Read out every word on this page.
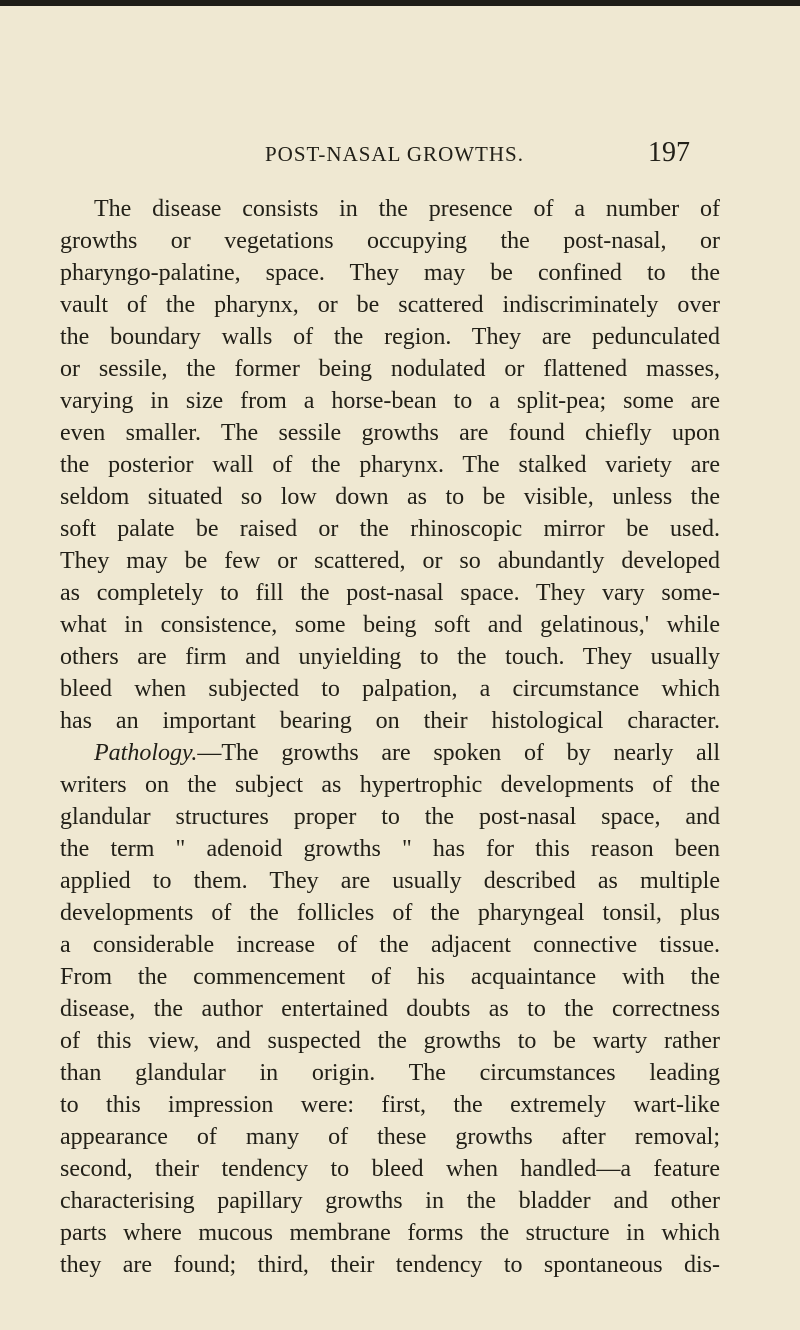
POST-NASAL GROWTHS.	197
The disease consists in the presence of a number of
growths or vegetations occupying the post-nasal, or
pharyngo-palatine, space. They may be confined to the
vault of the pharynx, or be scattered indiscriminately over
the boundary walls of the region. They are pedunculated
or sessile, the former being nodulated or flattened masses,
varying in size from a horse-bean to a split-pea; some are
even smaller. The sessile growths are found chiefly upon
the posterior wall of the pharynx. The stalked variety are
seldom situated so low down as to be visible, unless the
soft palate be raised or the rhinoscopic mirror be used.
They may be few or scattered, or so abundantly developed
as completely to fill the post-nasal space. They vary some-
what in consistence, some being soft and gelatinous,' while
others are firm and unyielding to the touch. They usually
bleed when subjected to palpation, a circumstance which
has an important bearing on their histological character.
Pathology.—The growths are spoken of by nearly all
writers on the subject as hypertrophic developments of the
glandular structures proper to the post-nasal space, and
the term " adenoid growths " has for this reason been
applied to them. They are usually described as multiple
developments of the follicles of the pharyngeal tonsil, plus
a considerable increase of the adjacent connective tissue.
From the commencement of his acquaintance with the
disease, the author entertained doubts as to the correctness
of this view, and suspected the growths to be warty rather
than glandular in origin. The circumstances leading
to this impression were: first, the extremely wart-like
appearance of many of these growths after removal;
second, their tendency to bleed when handled—a feature
characterising papillary growths in the bladder and other
parts where mucous membrane forms the structure in which
they are found; third, their tendency to spontaneous dis-
